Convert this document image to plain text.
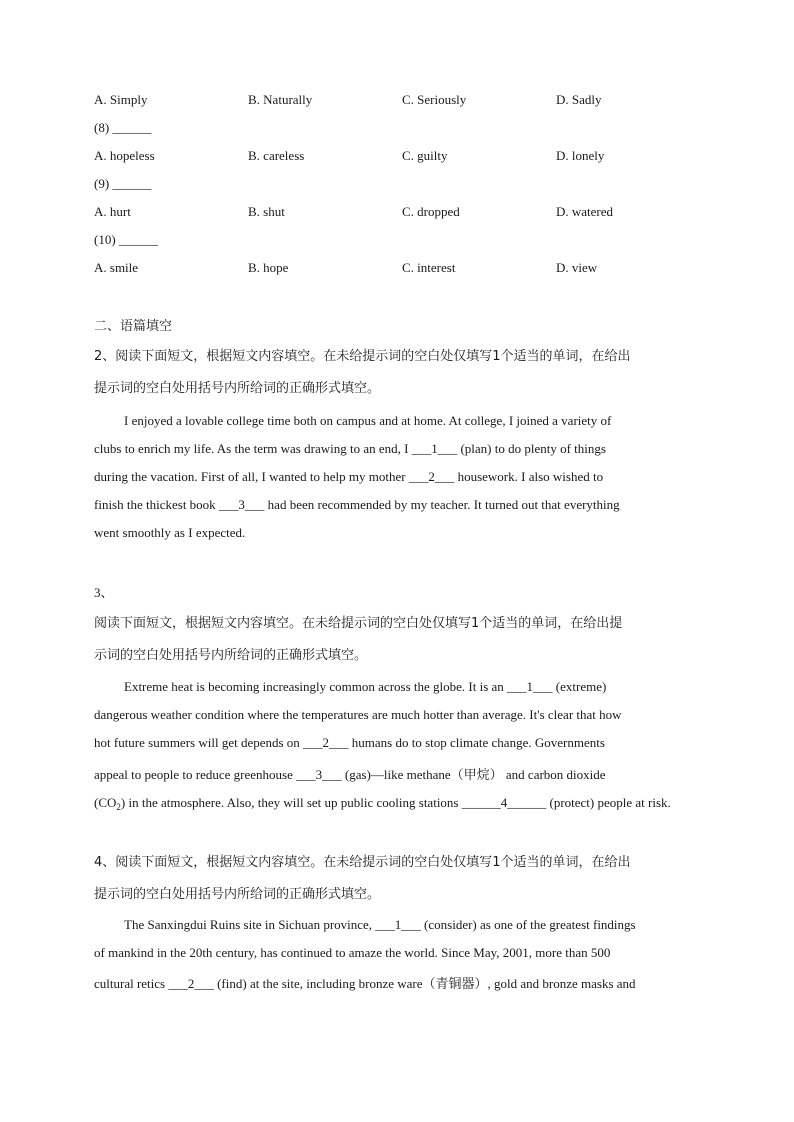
A. Simply	B. Naturally	C. Seriously	D. Sadly
(8) ______
A. hopeless	B. careless	C. guilty	D. lonely
(9) ______
A. hurt	B. shut	C. dropped	D. watered
(10) ______
A. smile	B. hope	C. interest	D. view
二、语篇填空
2、阅读下面短文，根据短文内容填空。在未给提示词的空白处仅填写1个适当的单词，在给出
提示词的空白处用括号内所给词的正确形式填空。
I enjoyed a lovable college time both on campus and at home. At college, I joined a variety of
clubs to enrich my life. As the term was drawing to an end, I ___1___ (plan) to do plenty of things
during the vacation. First of all, I wanted to help my mother ___2___ housework. I also wished to
finish the thickest book ___3___ had been recommended by my teacher. It turned out that everything
went smoothly as I expected.
3、
阅读下面短文，根据短文内容填空。在未给提示词的空白处仅填写1个适当的单词，在给出提
示词的空白处用括号内所给词的正确形式填空。
Extreme heat is becoming increasingly common across the globe. It is an ___1___ (extreme)
dangerous weather condition where the temperatures are much hotter than average. It's clear that how
hot future summers will get depends on ___2___ humans do to stop climate change. Governments
appeal to people to reduce greenhouse ___3___ (gas)—like methane（甲烷） and carbon dioxide
$(CO_2)$ in the atmosphere. Also, they will set up public cooling stations ______4______ (protect) people at risk.
4、阅读下面短文，根据短文内容填空。在未给提示词的空白处仅填写1个适当的单词，在给出
提示词的空白处用括号内所给词的正确形式填空。
The Sanxingdui Ruins site in Sichuan province, ___1___ (consider) as one of the greatest findings
of mankind in the 20th century, has continued to amaze the world. Since May, 2001, more than 500
cultural retics ___2___ (find) at the site, including bronze ware（青铜器）, gold and bronze masks and
